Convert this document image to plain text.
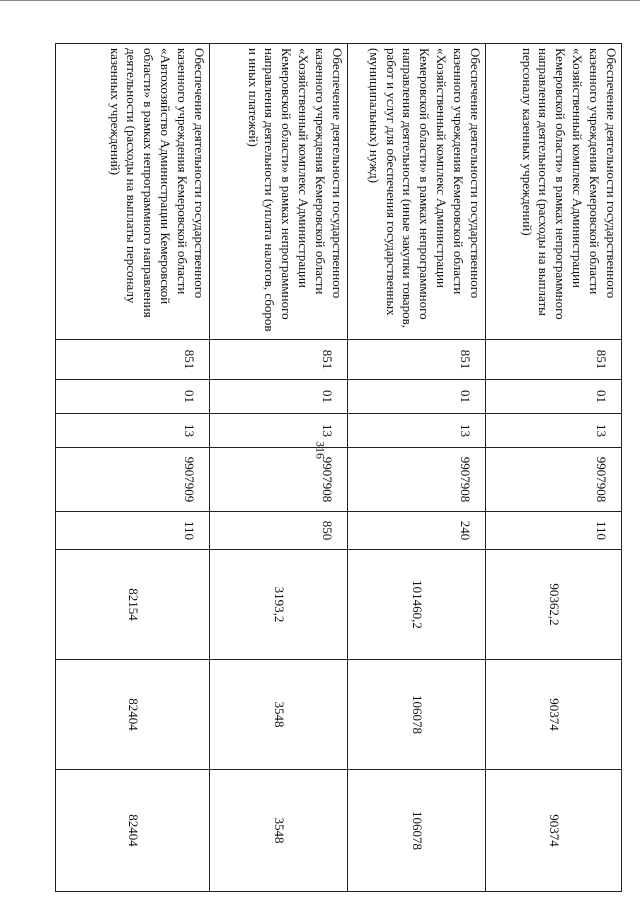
316
Обеспечение деятельности государственного казенного учреждения Кемеровской области «Хозяйственный комплекс Администрации Кемеровской области» в рамках непрограммного направления деятельности (расходы на выплаты персоналу казенных учреждений)	851	01	13	9907908	110	90362,2	90374	90374
Обеспечение деятельности государственного казенного учреждения Кемеровской области «Хозяйственный комплекс Администрации Кемеровской области» в рамках непрограммного направления деятельности (иные закупки товаров, работ и услуг для обеспечения государственных (муниципальных) нужд)	851	01	13	9907908	240	101460,2	106078	106078
Обеспечение деятельности государственного казенного учреждения Кемеровской области «Хозяйственный комплекс Администрации Кемеровской области» в рамках непрограммного направления деятельности (уплата налогов, сборов и иных платежей)	851	01	13	9907908	850	3193,2	3548	3548
Обеспечение деятельности государственного казенного учреждения Кемеровской области «Автохозяйство Администрации Кемеровской области» в рамках непрограммного направления деятельности (расходы на выплаты персоналу казенных учреждений)	851	01	13	9907909	110	82154	82404	82404
